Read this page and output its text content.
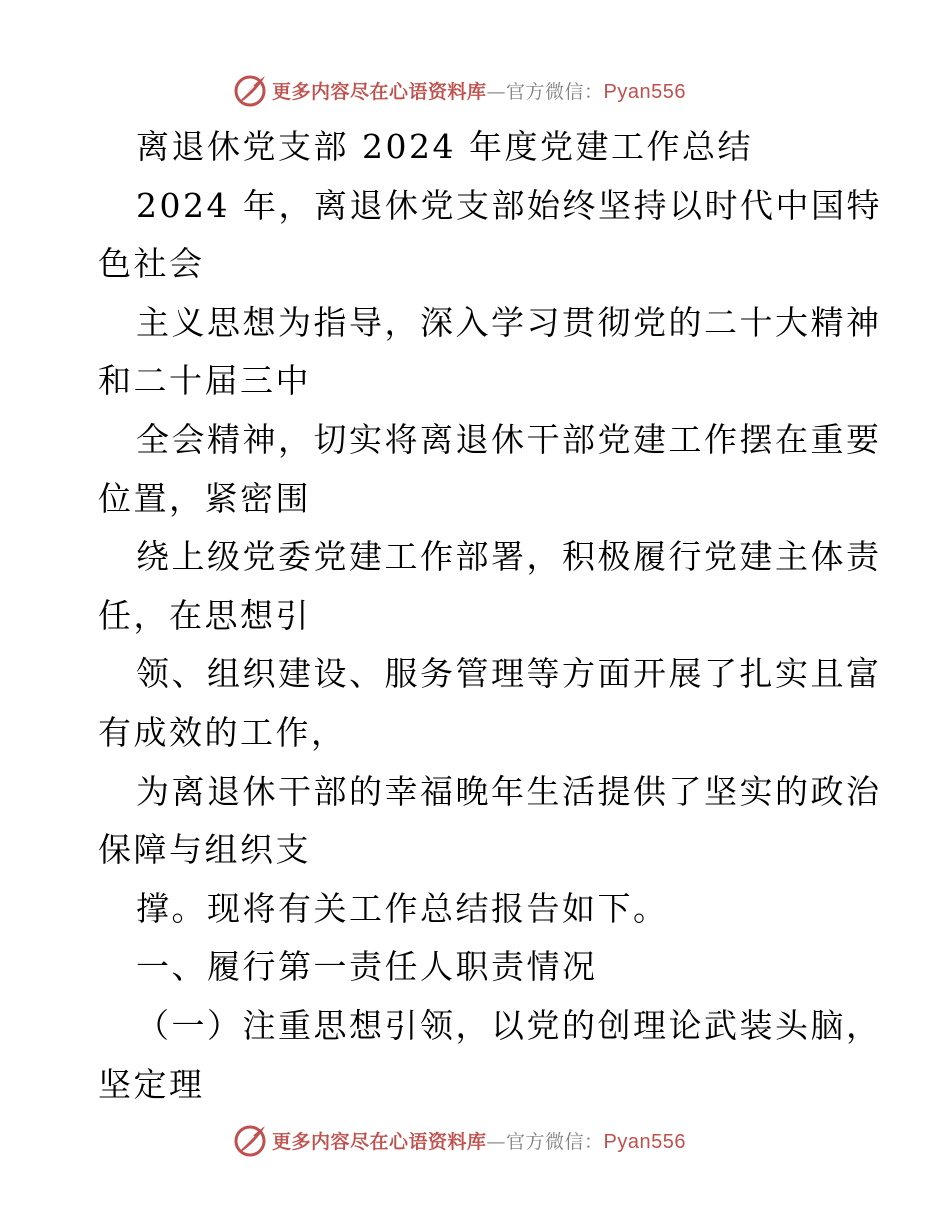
更多内容尽在心语资料库—官方微信：Pyan556
离退休党支部 2024 年度党建工作总结
2024 年，离退休党支部始终坚持以时代中国特
色社会
主义思想为指导，深入学习贯彻党的二十大精神
和二十届三中
全会精神，切实将离退休干部党建工作摆在重要
位置，紧密围
绕上级党委党建工作部署，积极履行党建主体责
任，在思想引
领、组织建设、服务管理等方面开展了扎实且富
有成效的工作，
为离退休干部的幸福晚年生活提供了坚实的政治
保障与组织支
撑。现将有关工作总结报告如下。
一、履行第一责任人职责情况
（一）注重思想引领，以党的创理论武装头脑，
坚定理
更多内容尽在心语资料库—官方微信：Pyan556
